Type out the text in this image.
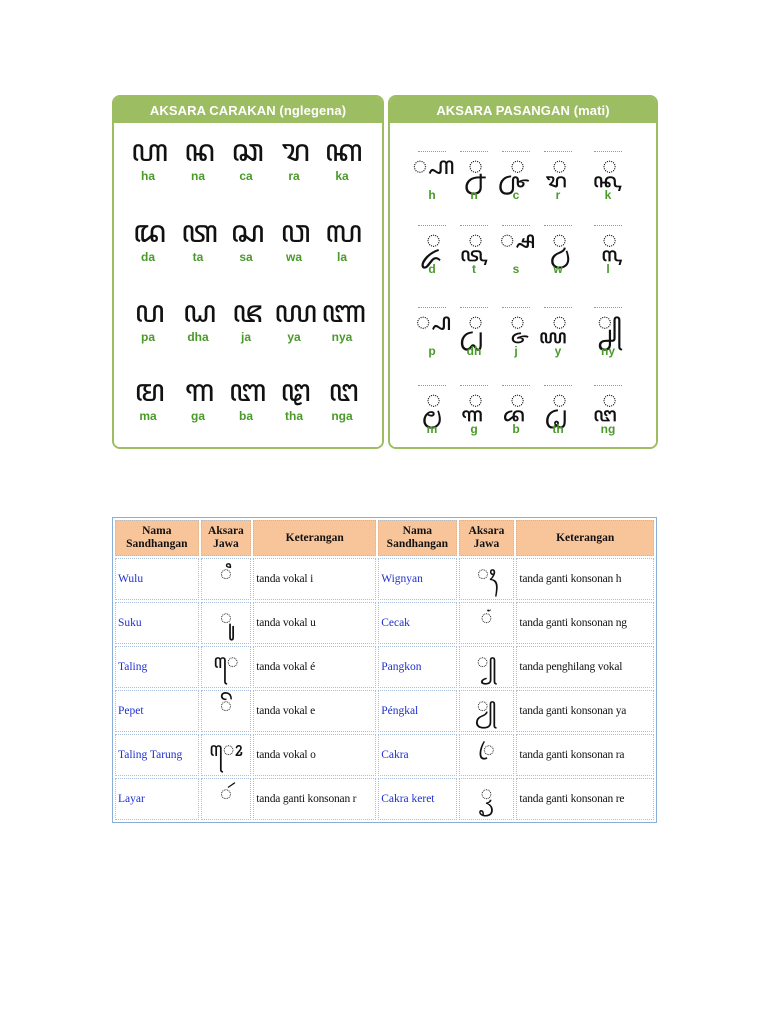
AKSARA CARAKAN (nglegena)
ꦲ
ha
ꦤ
na
ꦕ
ca
ꦫ
ra
ꦏ
ka
ꦢ
da
ꦠ
ta
ꦱ
sa
ꦮ
wa
ꦭ
la
ꦥ
pa
ꦝ
dha
ꦗ
ja
ꦪ
ya
ꦚ
nya
ꦩ
ma
ꦒ
ga
ꦧ
ba
ꦛ
tha
ꦔ
nga
AKSARA PASANGAN (mati)
꧀ꦲ
h
꧀ꦤ
n
꧀ꦕ
c
꧀ꦫ
r
꧀ꦏ
k
꧀ꦢ
d
꧀ꦠ
t
꧀ꦱ
s
꧀ꦮ
w
꧀ꦭ
l
꧀ꦥ
p
꧀ꦝ
dh
꧀ꦗ
j
꧀ꦪ
y
꧀ꦚ
ny
꧀ꦩ
m
꧀ꦒ
g
꧀ꦧ
b
꧀ꦛ
th
꧀ꦔ
ng
Nama Sandhangan	Aksara Jawa	Keterangan	Nama Sandhangan	Aksara Jawa	Keterangan
Wulu	ꦶ	tanda vokal i	Wignyan	ꦃ	tanda ganti konsonan h
Suku	ꦸ	tanda vokal u	Cecak	ꦁ	tanda ganti konsonan ng
Taling	ꦺ	tanda vokal é	Pangkon	꧀	tanda penghilang vokal
Pepet	ꦼ	tanda vokal e	Péngkal	ꦾ	tanda ganti konsonan ya
Taling Tarung	ꦺꦴ	tanda vokal o	Cakra	ꦿ	tanda ganti konsonan ra
Layar	ꦂ	tanda ganti konsonan r	Cakra keret	ꦽ	tanda ganti konsonan re
